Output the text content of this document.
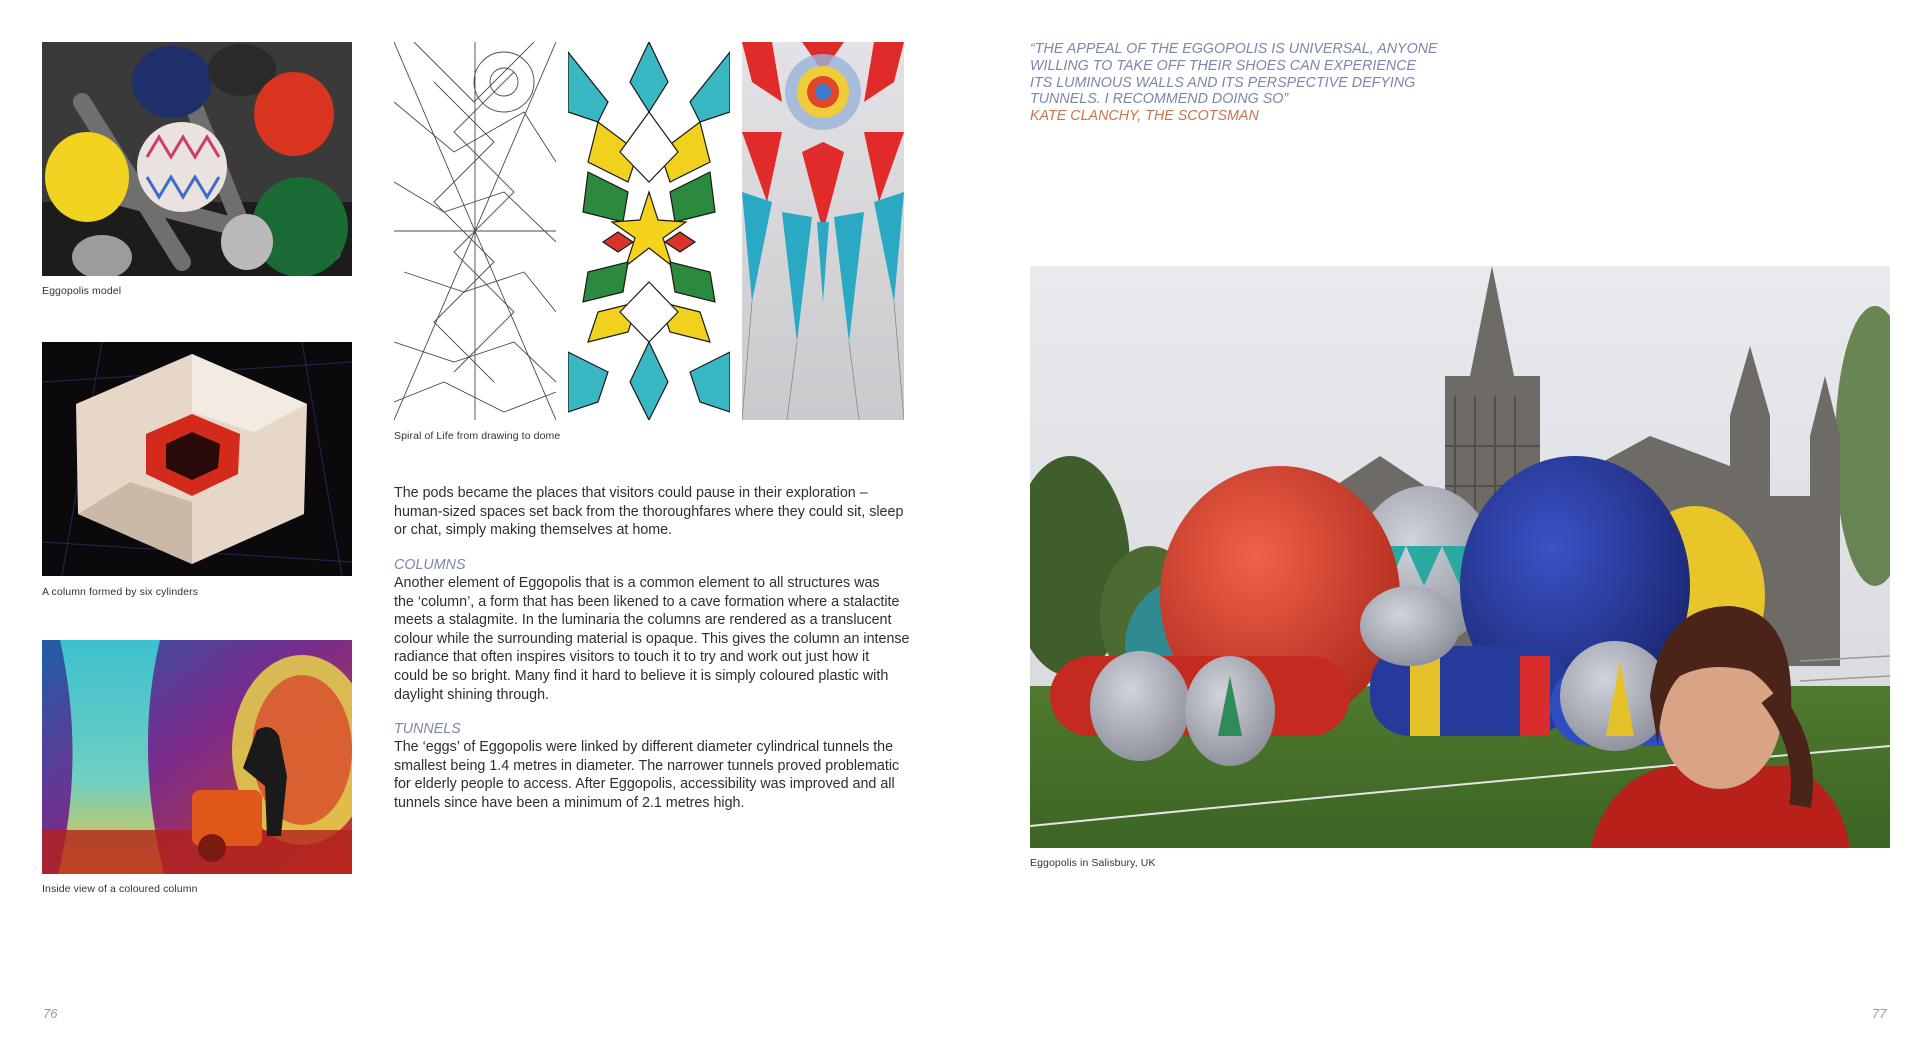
Eggopolis model
A column formed by six cylinders
Inside view of a coloured column
Spiral of Life from drawing to dome
The pods became the places that visitors could pause in their exploration –
human-sized spaces set back from the thoroughfares where they could sit, sleep
or chat, simply making themselves at home.
COLUMNS
Another element of Eggopolis that is a common element to all structures was
the ‘column’, a form that has been likened to a cave formation where a stalactite
meets a stalagmite. In the luminaria the columns are rendered as a translucent
colour while the surrounding material is opaque. This gives the column an intense
radiance that often inspires visitors to touch it to try and work out just how it
could be so bright. Many find it hard to believe it is simply coloured plastic with
daylight shining through.
TUNNELS
The ‘eggs’ of Eggopolis were linked by different diameter cylindrical tunnels the
smallest being 1.4 metres in diameter. The narrower tunnels proved problematic
for elderly people to access. After Eggopolis, accessibility was improved and all
tunnels since have been a minimum of 2.1 metres high.
76
“THE APPEAL OF THE EGGOPOLIS IS UNIVERSAL, ANYONE
WILLING TO TAKE OFF THEIR SHOES CAN EXPERIENCE
ITS LUMINOUS WALLS AND ITS PERSPECTIVE DEFYING
TUNNELS. I RECOMMEND DOING SO”
KATE CLANCHY, THE SCOTSMAN
Eggopolis in Salisbury, UK
77
